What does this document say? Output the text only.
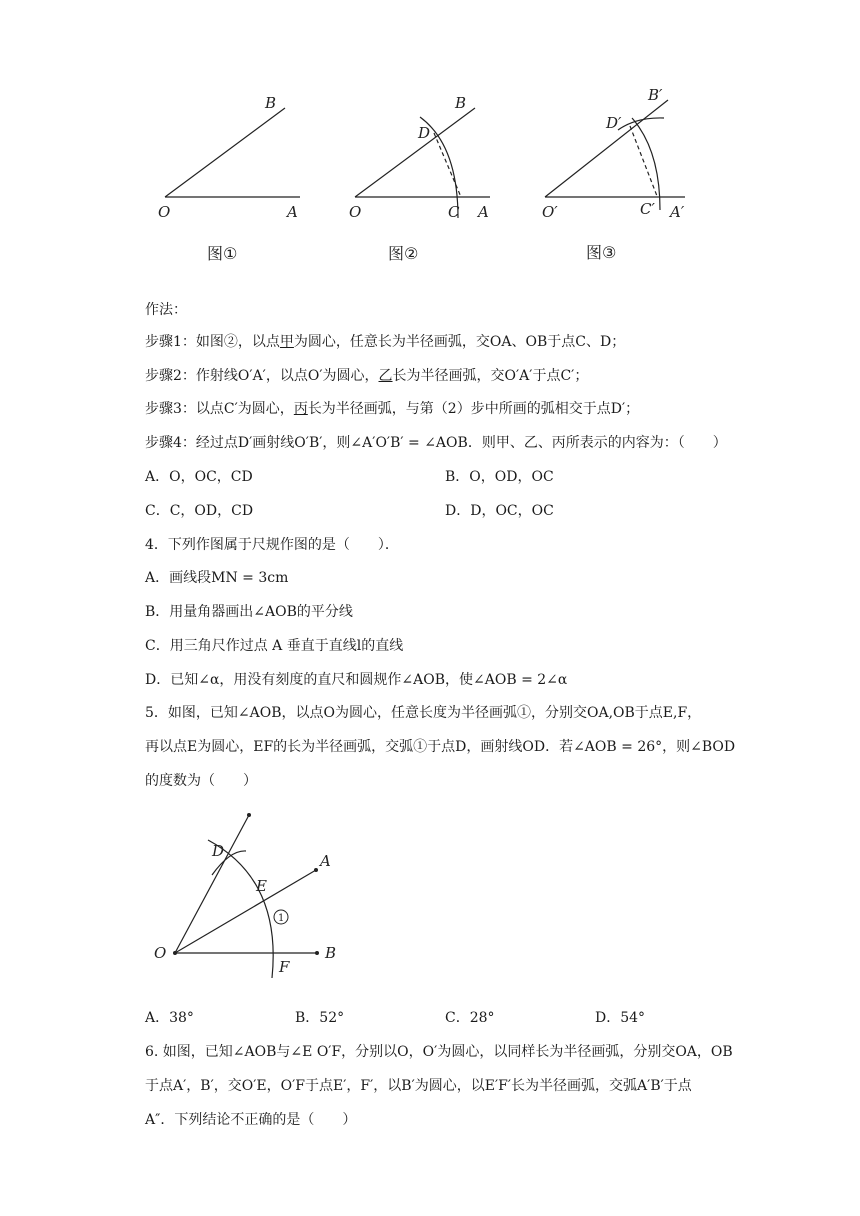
B
O	A
B
D
O	C A
B′
D′
O′	C′ A′
图①	图②	图③
作法：
步骤1：如图②，以点甲为圆心，任意长为半径画弧，交OA、OB于点C、D；
步骤2：作射线O′A′，以点O′为圆心，乙长为半径画弧，交O′A′于点C′；
步骤3：以点C′为圆心，丙长为半径画弧，与第（2）步中所画的弧相交于点D′；
步骤4：经过点D′画射线O′B′，则∠A′O′B′ = ∠AOB．则甲、乙、丙所表示的内容为：（　　）
A．O，OC，CD	B．O，OD，OC
C．C，OD，CD	D．D，OC，OC
4．下列作图属于尺规作图的是（　　）．
A．画线段MN = 3cm
B．用量角器画出∠AOB的平分线
C．用三角尺作过点 A 垂直于直线l的直线
D．已知∠α，用没有刻度的直尺和圆规作∠AOB，使∠AOB = 2∠α
5．如图，已知∠AOB，以点O为圆心，任意长度为半径画弧①，分别交OA,OB于点E,F，
再以点E为圆心，EF的长为半径画弧，交弧①于点D，画射线OD．若∠AOB = 26°，则∠BOD
的度数为（　　）
D
A
E
O	B
F
1
A．38°	B．52°	C．28°	D．54°
6. 如图，已知∠AOB与∠E O′F，分别以O，O′为圆心，以同样长为半径画弧，分别交OA，OB
于点A′，B′，交O′E，O′F于点E′，F′，以B′为圆心，以E′F′长为半径画弧，交弧A′B′于点
A″．下列结论不正确的是（　　）
